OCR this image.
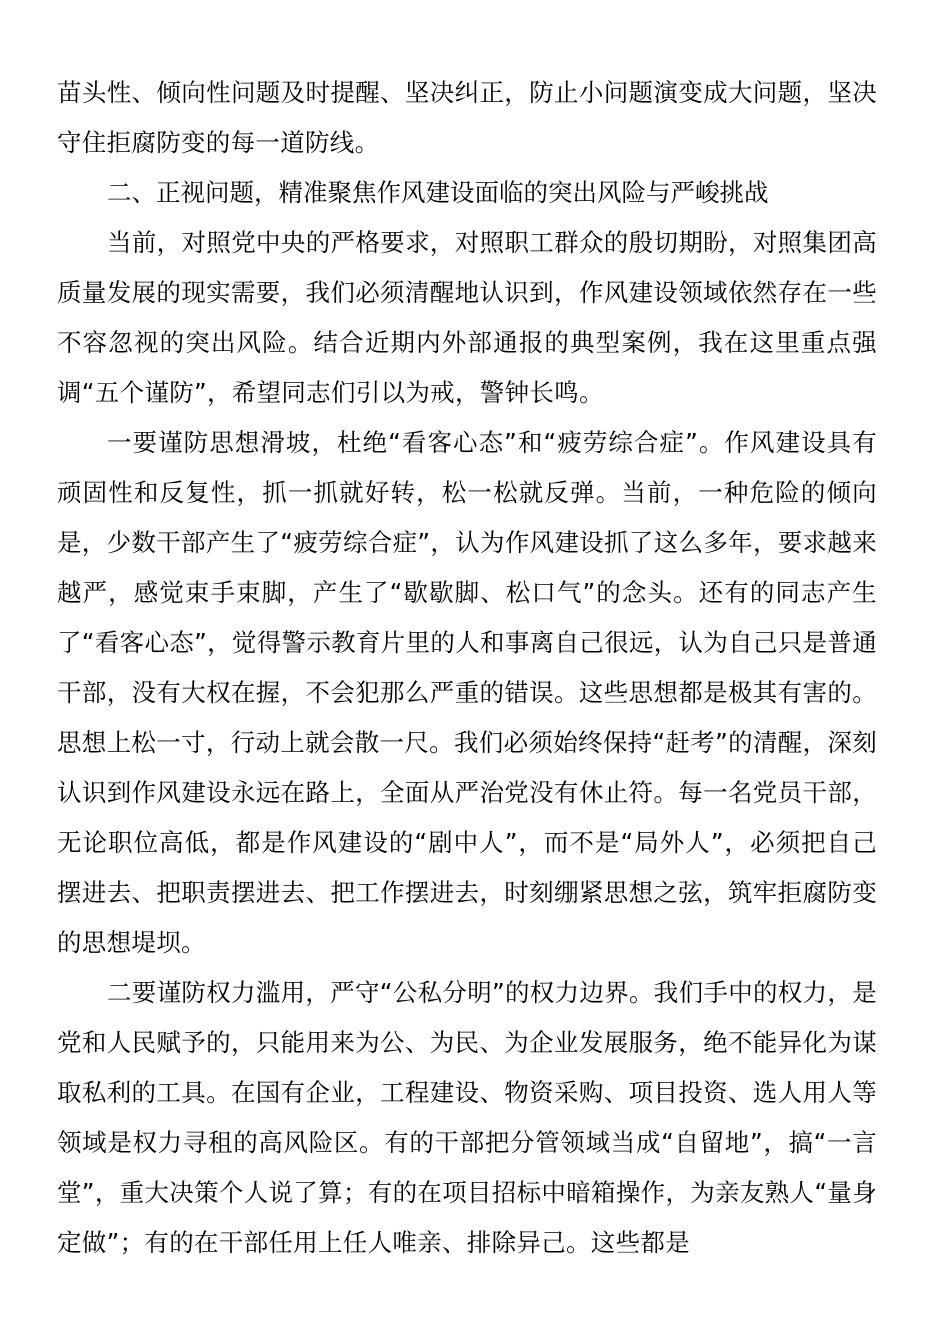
苗头性、倾向性问题及时提醒、坚决纠正，防止小问题演变成大问题，坚决守住拒腐防变的每一道防线。

二、正视问题，精准聚焦作风建设面临的突出风险与严峻挑战

当前，对照党中央的严格要求，对照职工群众的殷切期盼，对照集团高质量发展的现实需要，我们必须清醒地认识到，作风建设领域依然存在一些不容忽视的突出风险。结合近期内外部通报的典型案例，我在这里重点强调“五个谨防”，希望同志们引以为戒，警钟长鸣。

一要谨防思想滑坡，杜绝“看客心态”和“疲劳综合症”。作风建设具有顽固性和反复性，抓一抓就好转，松一松就反弹。当前，一种危险的倾向是，少数干部产生了“疲劳综合症”，认为作风建设抓了这么多年，要求越来越严，感觉束手束脚，产生了“歇歇脚、松口气”的念头。还有的同志产生了“看客心态”，觉得警示教育片里的人和事离自己很远，认为自己只是普通干部，没有大权在握，不会犯那么严重的错误。这些思想都是极其有害的。思想上松一寸，行动上就会散一尺。我们必须始终保持“赶考”的清醒，深刻认识到作风建设永远在路上，全面从严治党没有休止符。每一名党员干部，无论职位高低，都是作风建设的“剧中人”，而不是“局外人”，必须把自己摆进去、把职责摆进去、把工作摆进去，时刻绷紧思想之弦，筑牢拒腐防变的思想堤坝。

二要谨防权力滥用，严守“公私分明”的权力边界。我们手中的权力，是党和人民赋予的，只能用来为公、为民、为企业发展服务，绝不能异化为谋取私利的工具。在国有企业，工程建设、物资采购、项目投资、选人用人等领域是权力寻租的高风险区。有的干部把分管领域当成“自留地”，搞“一言堂”，重大决策个人说了算；有的在项目招标中暗箱操作，为亲友熟人“量身定做”；有的在干部任用上任人唯亲、排除异己。这些都是
